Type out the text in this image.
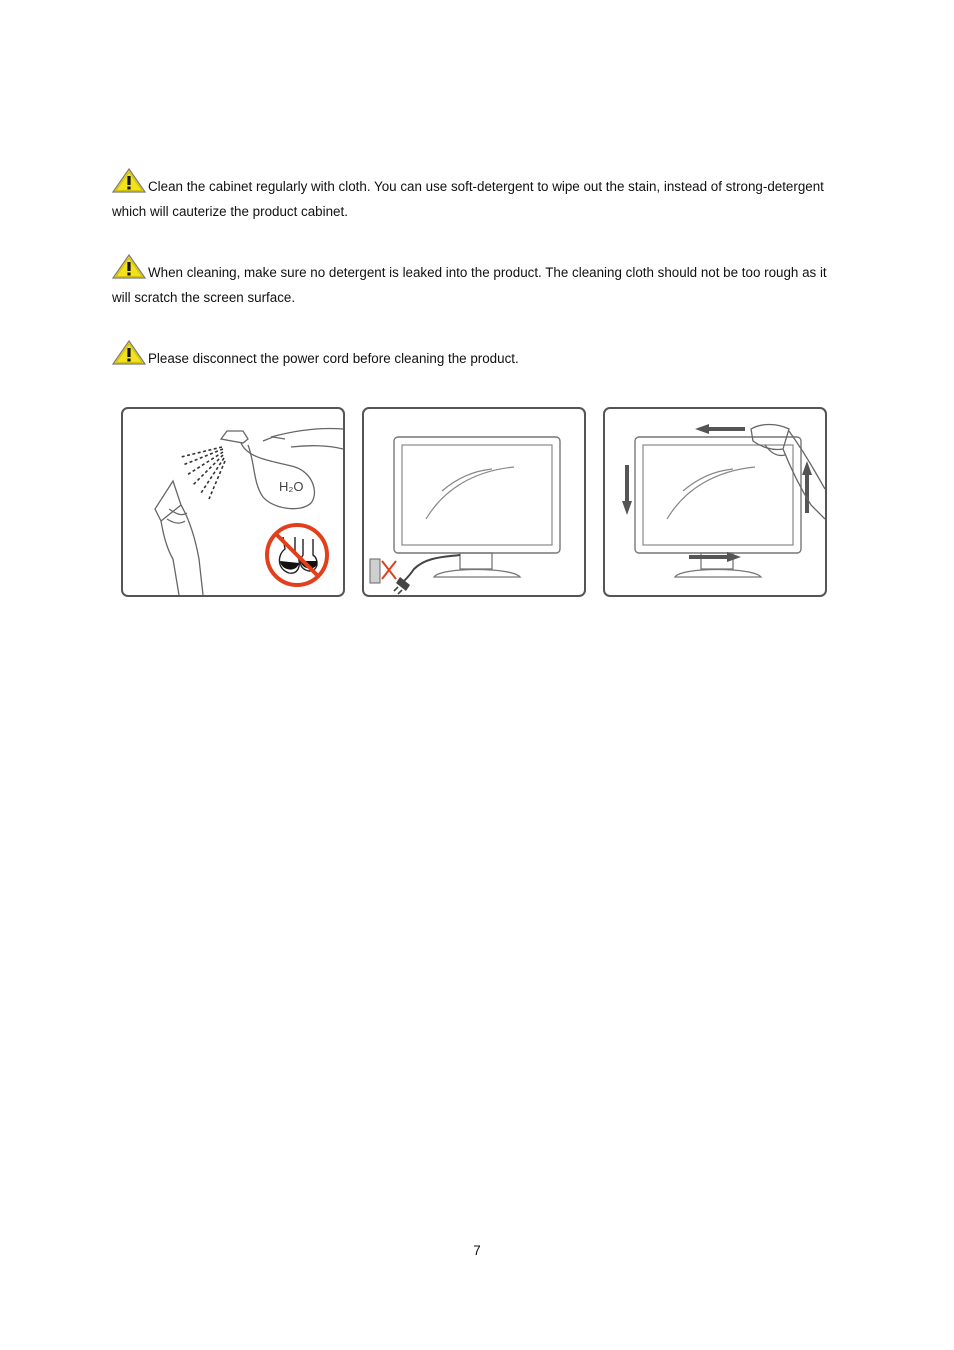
Clean the cabinet regularly with cloth. You can use soft-detergent to wipe out the stain, instead of strong-detergent which will cauterize the product cabinet.
When cleaning, make sure no detergent is leaked into the product. The cleaning cloth should not be too rough as it will scratch the screen surface.
Please disconnect the power cord before cleaning the product.
H₂O
7
